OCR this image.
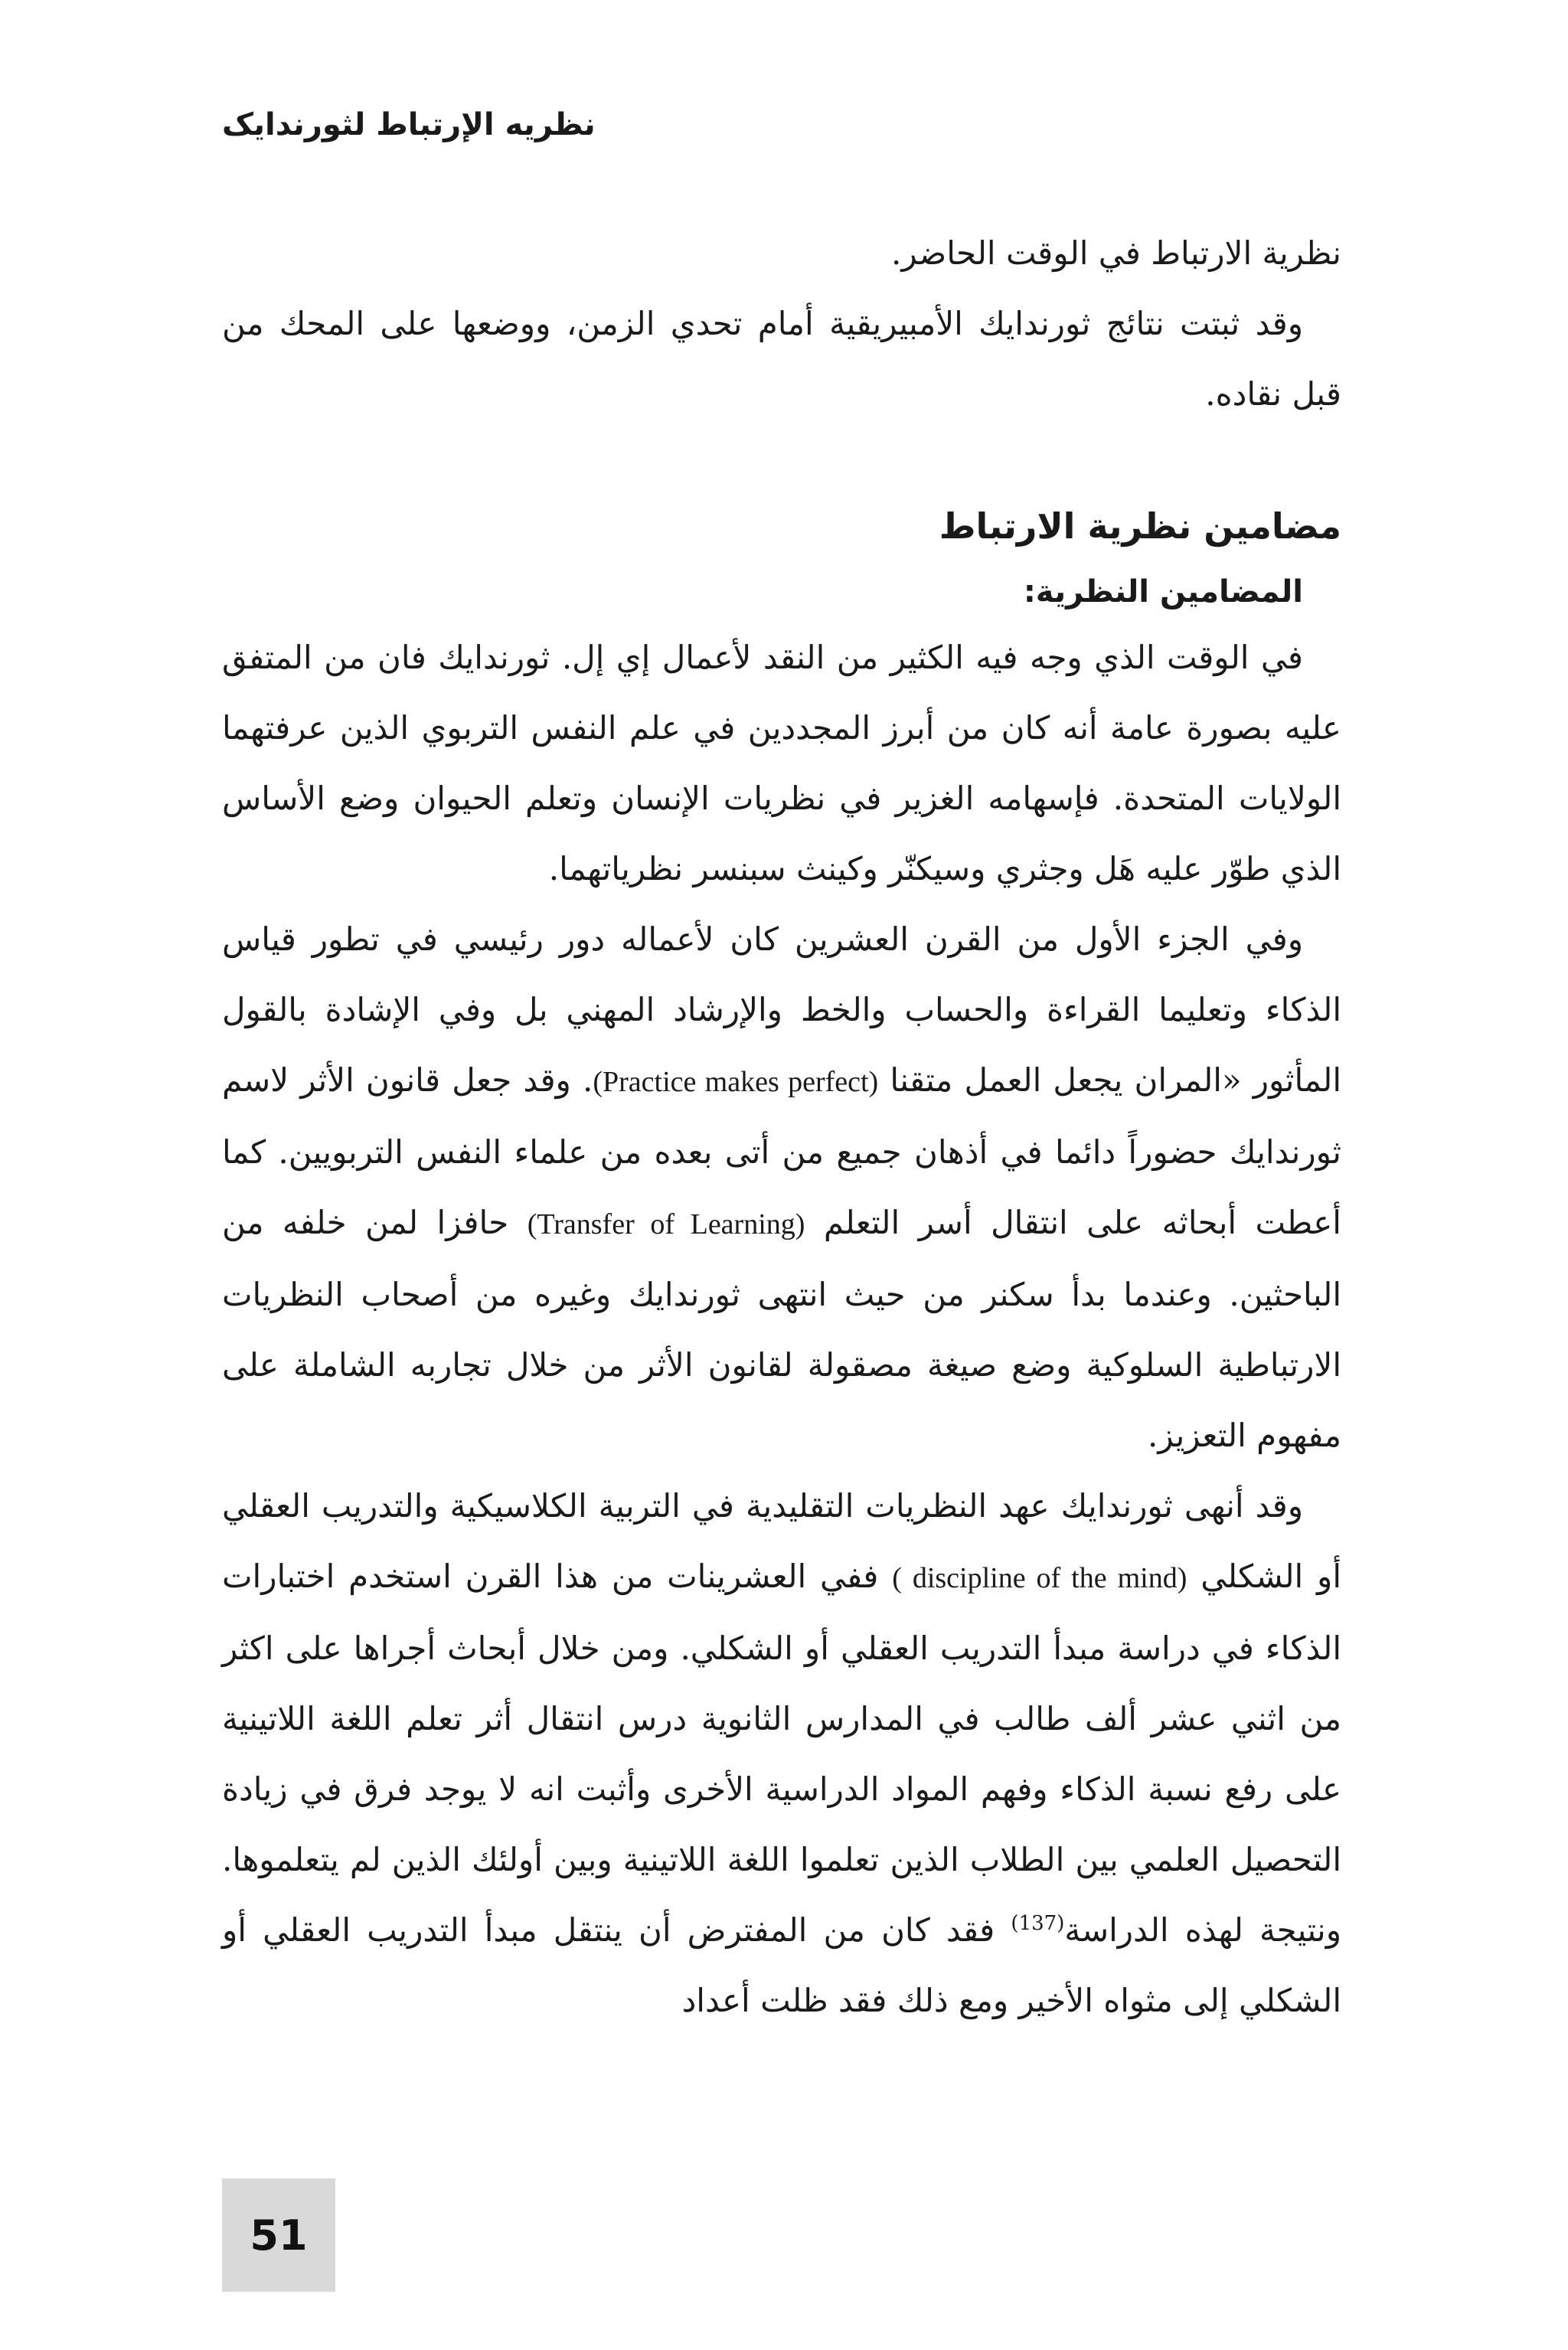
نظريه الإرتباط لثورندايک

نظرية الارتباط في الوقت الحاضر.

وقد ثبتت نتائج ثورندايك الأمبيريقية أمام تحدي الزمن، ووضعها على المحك من قبل نقاده.

مضامين نظرية الارتباط
المضامين النظرية:

في الوقت الذي وجه فيه الكثير من النقد لأعمال إي إل. ثورندايك فان من المتفق عليه بصورة عامة أنه كان من أبرز المجددين في علم النفس التربوي الذين عرفتهما الولايات المتحدة. فإسهامه الغزير في نظريات الإنسان وتعلم الحيوان وضع الأساس الذي طوّر عليه هَل وجثري وسيكنّر وكينث سبنسر نظرياتهما.

وفي الجزء الأول من القرن العشرين كان لأعماله دور رئيسي في تطور قياس الذكاء وتعليما القراءة والحساب والخط والإرشاد المهني بل وفي الإشادة بالقول المأثور «المران يجعل العمل متقنا (Practice makes perfect). وقد جعل قانون الأثر لاسم ثورندايك حضوراً دائما في أذهان جميع من أتى بعده من علماء النفس التربويين. كما أعطت أبحاثه على انتقال أسر التعلم (Transfer of Learning) حافزا لمن خلفه من الباحثين. وعندما بدأ سكنر من حيث انتهى ثورندايك وغيره من أصحاب النظريات الارتباطية السلوكية وضع صيغة مصقولة لقانون الأثر من خلال تجاربه الشاملة على مفهوم التعزيز.

وقد أنهى ثورندايك عهد النظريات التقليدية في التربية الكلاسيكية والتدريب العقلي أو الشكلي ( discipline of the mind) ففي العشرينات من هذا القرن استخدم اختبارات الذكاء في دراسة مبدأ التدريب العقلي أو الشكلي. ومن خلال أبحاث أجراها على اكثر من اثني عشر ألف طالب في المدارس الثانوية درس انتقال أثر تعلم اللغة اللاتينية على رفع نسبة الذكاء وفهم المواد الدراسية الأخرى وأثبت انه لا يوجد فرق في زيادة التحصيل العلمي بين الطلاب الذين تعلموا اللغة اللاتينية وبين أولئك الذين لم يتعلموها. ونتيجة لهذه الدراسة$^{(137)}$ فقد كان من المفترض أن ينتقل مبدأ التدريب العقلي أو الشكلي إلى مثواه الأخير ومع ذلك فقد ظلت أعداد

51
